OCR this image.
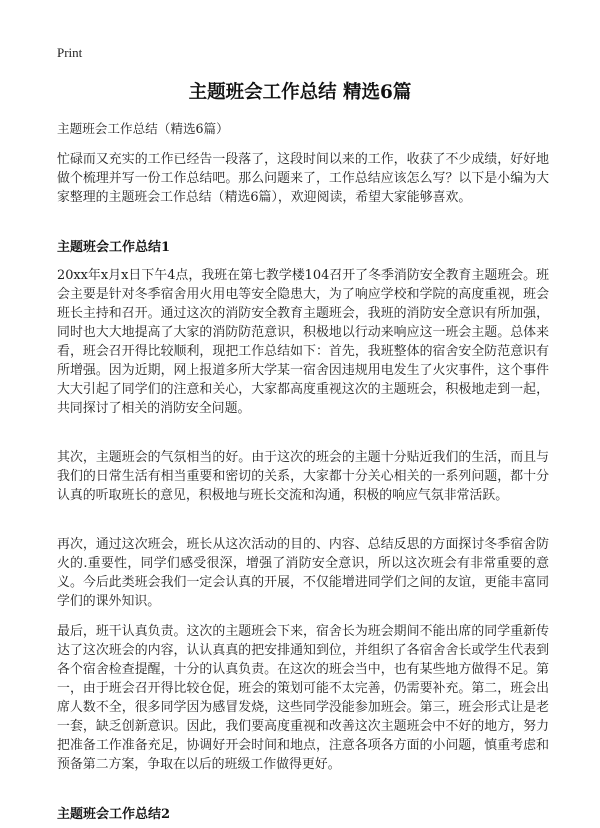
Print
主题班会工作总结 精选6篇

主题班会工作总结（精选6篇）

忙碌而又充实的工作已经告一段落了，这段时间以来的工作，收获了不少成绩，好好地做个梳理并写一份工作总结吧。那么问题来了，工作总结应该怎么写？以下是小编为大家整理的主题班会工作总结（精选6篇），欢迎阅读，希望大家能够喜欢。

主题班会工作总结1

20xx年x月x日下午4点，我班在第七教学楼104召开了冬季消防安全教育主题班会。班会主要是针对冬季宿舍用火用电等安全隐患大，为了响应学校和学院的高度重视，班会班长主持和召开。通过这次的消防安全教育主题班会，我班的消防安全意识有所加强，同时也大大地提高了大家的消防防范意识，积极地以行动来响应这一班会主题。总体来看，班会召开得比较顺利，现把工作总结如下：首先，我班整体的宿舍安全防范意识有所增强。因为近期，网上报道多所大学某一宿舍因违规用电发生了火灾事件，这个事件大大引起了同学们的注意和关心，大家都高度重视这次的主题班会，积极地走到一起，共同探讨了相关的消防安全问题。

其次，主题班会的气氛相当的好。由于这次的班会的主题十分贴近我们的生活，而且与我们的日常生活有相当重要和密切的关系，大家都十分关心相关的一系列问题，都十分认真的听取班长的意见，积极地与班长交流和沟通，积极的响应气氛非常活跃。

再次，通过这次班会，班长从这次活动的目的、内容、总结反思的方面探讨冬季宿舍防火的.重要性，同学们感受很深，增强了消防安全意识，所以这次班会有非常重要的意义。今后此类班会我们一定会认真的开展，不仅能增进同学们之间的友谊，更能丰富同学们的课外知识。

最后，班干认真负责。这次的主题班会下来，宿舍长为班会期间不能出席的同学重新传达了这次班会的内容，认认真真的把安排通知到位，并组织了各宿舍舍长或学生代表到各个宿舍检查提醒，十分的认真负责。在这次的班会当中，也有某些地方做得不足。第一，由于班会召开得比较仓促，班会的策划可能不太完善，仍需要补充。第二，班会出席人数不全，很多同学因为感冒发烧，这些同学没能参加班会。第三，班会形式让是老一套，缺乏创新意识。因此，我们要高度重视和改善这次主题班会中不好的地方，努力把准备工作准备充足，协调好开会时间和地点，注意各项各方面的小问题，慎重考虑和预备第二方案，争取在以后的班级工作做得更好。

主题班会工作总结2
